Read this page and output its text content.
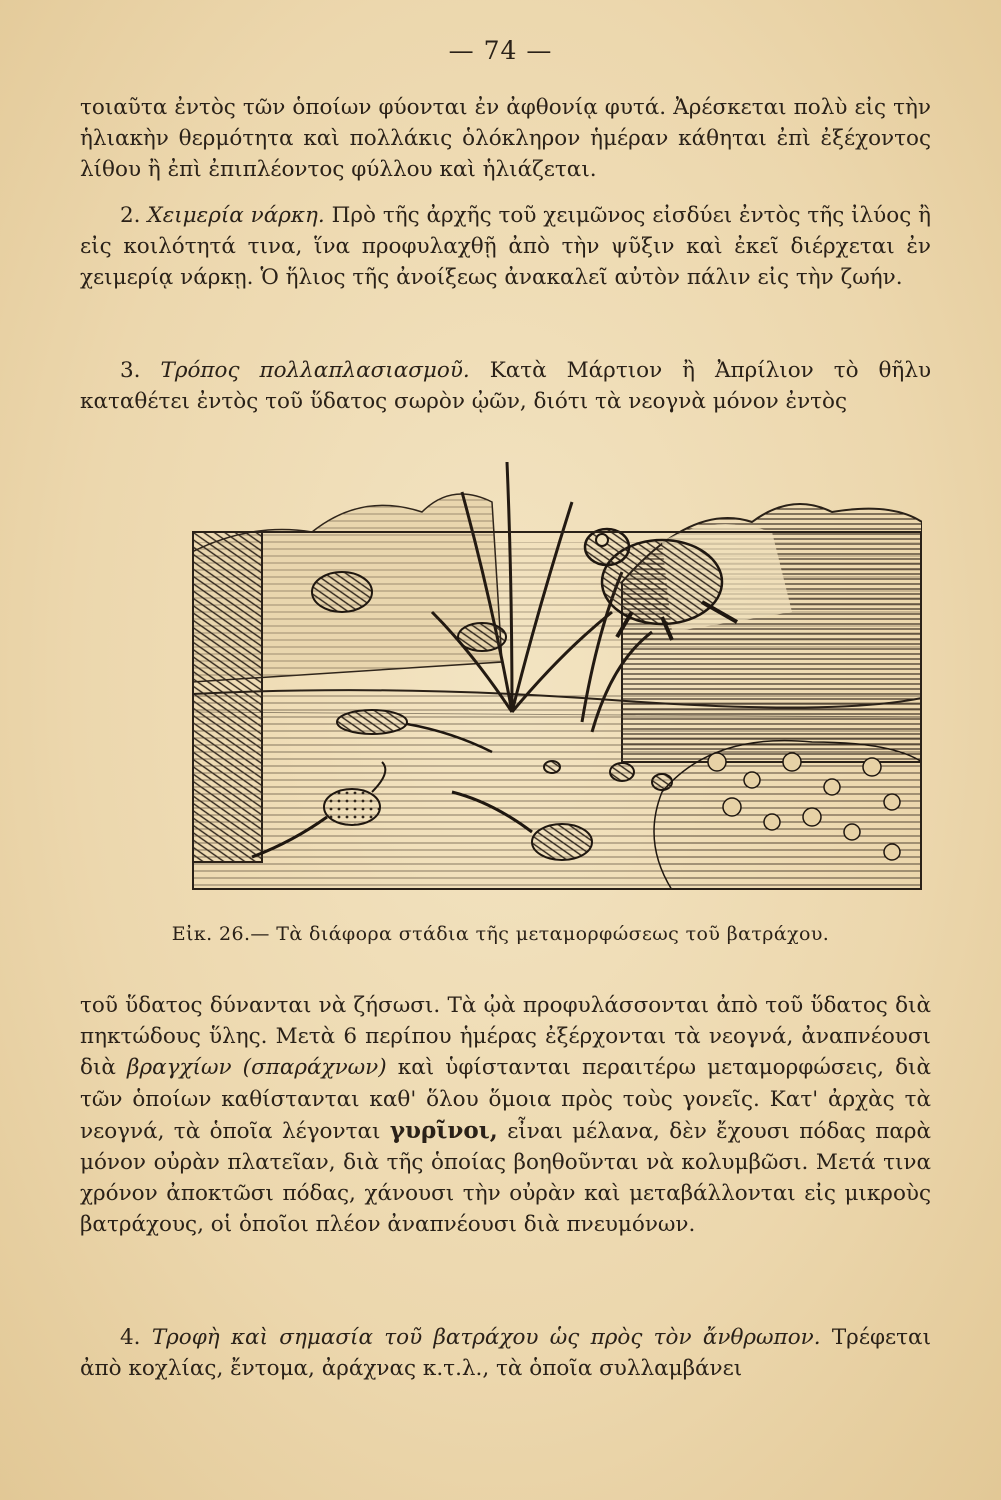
— 74 —

τοιαῦτα ἐντὸς τῶν ὁποίων φύονται ἐν ἀφθονίᾳ φυτά. Ἀρέσκεται πολὺ εἰς τὴν ἡλιακὴν θερμότητα καὶ πολλάκις ὁλόκληρον ἡμέραν κάθηται ἐπὶ ἐξέχοντος λίθου ἢ ἐπὶ ἐπιπλέοντος φύλλου καὶ ἡλιάζεται.

2. Χειμερία νάρκη. Πρὸ τῆς ἀρχῆς τοῦ χειμῶνος εἰσδύει ἐντὸς τῆς ἰλύος ἢ εἰς κοιλότητά τινα, ἵνα προφυλαχθῇ ἀπὸ τὴν ψῦξιν καὶ ἐκεῖ διέρχεται ἐν χειμερίᾳ νάρκῃ. Ὁ ἥλιος τῆς ἀνοίξεως ἀνακαλεῖ αὐτὸν πάλιν εἰς τὴν ζωήν.

3. Τρόπος πολλαπλασιασμοῦ. Κατὰ Μάρτιον ἢ Ἀπρίλιον τὸ θῆλυ καταθέτει ἐντὸς τοῦ ὕδατος σωρὸν ᾠῶν, διότι τὰ νεογνὰ μόνον ἐντὸς

Εἰκ. 26.— Τὰ διάφορα στάδια τῆς μεταμορφώσεως τοῦ βατράχου.

τοῦ ὕδατος δύνανται νὰ ζήσωσι. Τὰ ᾠὰ προφυλάσσονται ἀπὸ τοῦ ὕδατος διὰ πηκτώδους ὕλης. Μετὰ 6 περίπου ἡμέρας ἐξέρχονται τὰ νεογνά, ἀναπνέουσι διὰ βραγχίων (σπαράχνων) καὶ ὑφίστανται περαιτέρω μεταμορφώσεις, διὰ τῶν ὁποίων καθίστανται καθ' ὅλου ὅμοια πρὸς τοὺς γονεῖς. Κατ' ἀρχὰς τὰ νεογνά, τὰ ὁποῖα λέγονται γυρῖνοι, εἶναι μέλανα, δὲν ἔχουσι πόδας παρὰ μόνον οὐρὰν πλατεῖαν, διὰ τῆς ὁποίας βοηθοῦνται νὰ κολυμβῶσι. Μετά τινα χρόνον ἀποκτῶσι πόδας, χάνουσι τὴν οὐρὰν καὶ μεταβάλλονται εἰς μικροὺς βατράχους, οἱ ὁποῖοι πλέον ἀναπνέουσι διὰ πνευμόνων.

4. Τροφὴ καὶ σημασία τοῦ βατράχου ὡς πρὸς τὸν ἄνθρωπον. Τρέφεται ἀπὸ κοχλίας, ἔντομα, ἀράχνας κ.τ.λ., τὰ ὁποῖα συλλαμβάνει
